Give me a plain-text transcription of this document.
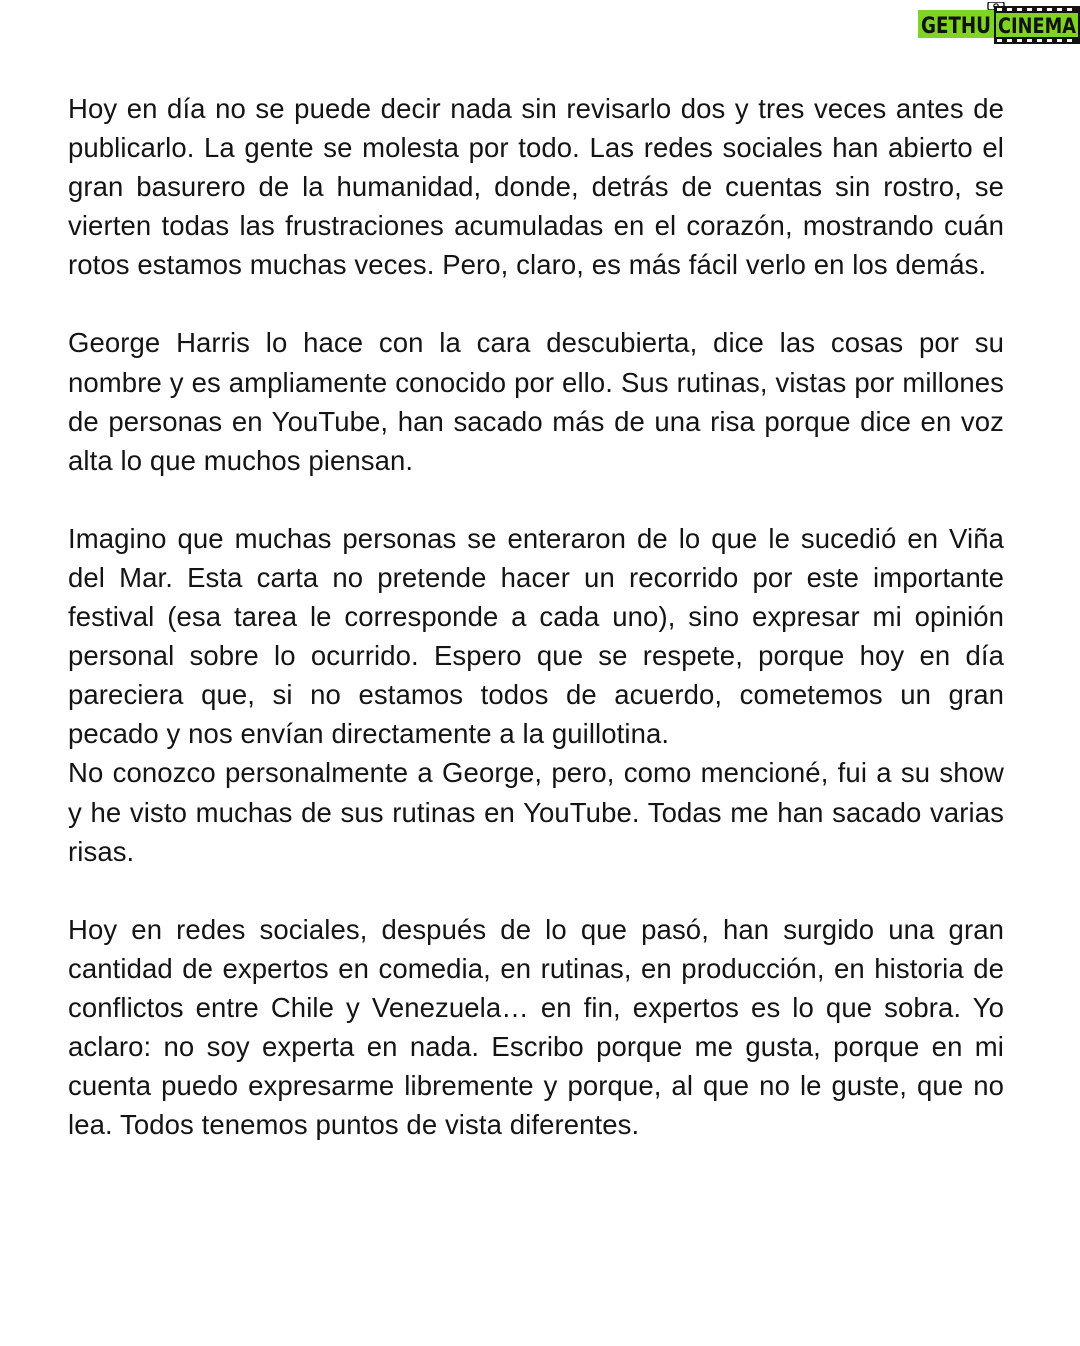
GETHU CINEMA

Hoy en día no se puede decir nada sin revisarlo dos y tres veces antes de publicarlo. La gente se molesta por todo. Las redes sociales han abierto el gran basurero de la humanidad, donde, detrás de cuentas sin rostro, se vierten todas las frustraciones acumuladas en el corazón, mostrando cuán rotos estamos muchas veces. Pero, claro, es más fácil verlo en los demás.

George Harris lo hace con la cara descubierta, dice las cosas por su nombre y es ampliamente conocido por ello. Sus rutinas, vistas por millones de personas en YouTube, han sacado más de una risa porque dice en voz alta lo que muchos piensan.

Imagino que muchas personas se enteraron de lo que le sucedió en Viña del Mar. Esta carta no pretende hacer un recorrido por este importante festival (esa tarea le corresponde a cada uno), sino expresar mi opinión personal sobre lo ocurrido. Espero que se respete, porque hoy en día pareciera que, si no estamos todos de acuerdo, cometemos un gran pecado y nos envían directamente a la guillotina.

No conozco personalmente a George, pero, como mencioné, fui a su show y he visto muchas de sus rutinas en YouTube. Todas me han sacado varias risas.

Hoy en redes sociales, después de lo que pasó, han surgido una gran cantidad de expertos en comedia, en rutinas, en producción, en historia de conflictos entre Chile y Venezuela… en fin, expertos es lo que sobra. Yo aclaro: no soy experta en nada. Escribo porque me gusta, porque en mi cuenta puedo expresarme libremente y porque, al que no le guste, que no lea. Todos tenemos puntos de vista diferentes.
